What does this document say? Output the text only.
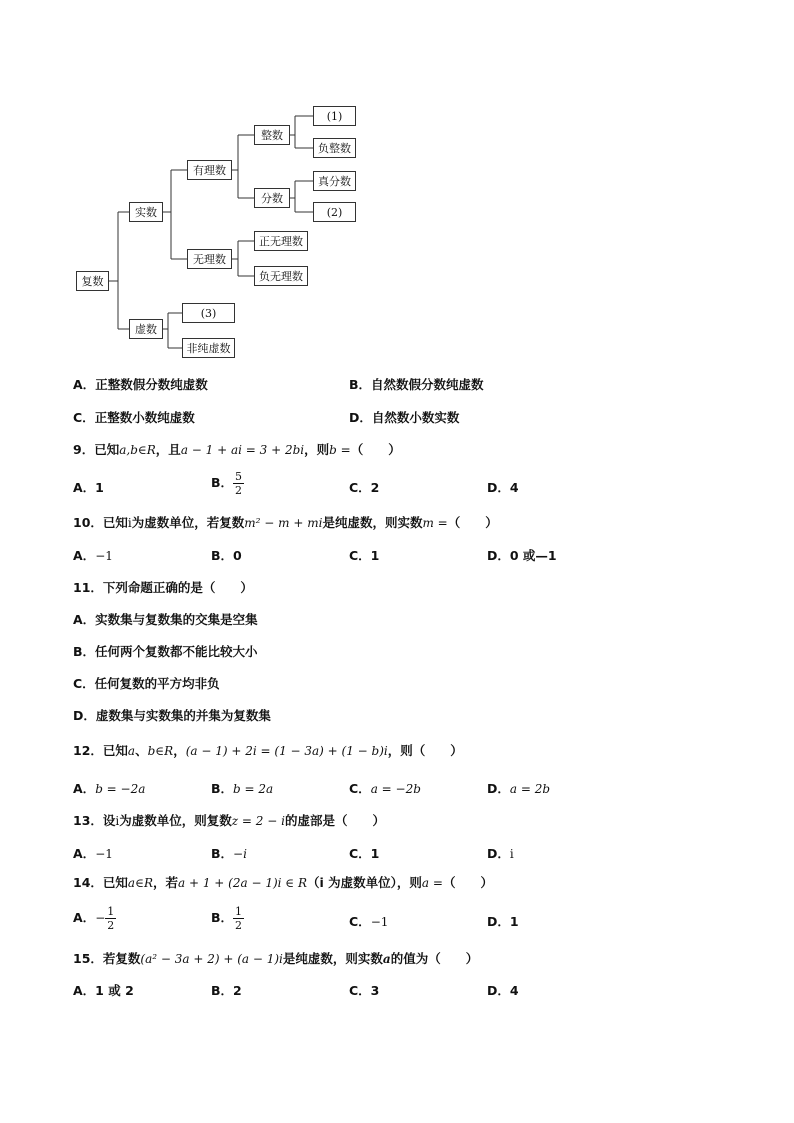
复数
实数
虚数
有理数
无理数
整数
分数
(1)
负整数
真分数
(2)
正无理数
负无理数
(3)
非纯虚数
A．正整数假分数纯虚数	B．自然数假分数纯虚数
C．正整数小数纯虚数	D．自然数小数实数
9．已知a,b∈R，且a − 1 + ai = 3 + 2bi，则b =（　　）
A．1	B． $\frac{5}{2}$	C．2	D．4
10．已知i为虚数单位，若复数m² − m + mi是纯虚数，则实数m =（　　）
A．−1	B．0	C．1	D．0 或—1
11．下列命题正确的是（　　）
A．实数集与复数集的交集是空集
B．任何两个复数都不能比较大小
C．任何复数的平方均非负
D．虚数集与实数集的并集为复数集
12．已知a、b∈R，(a − 1) + 2i = (1 − 3a) + (1 − b)i，则（　　）
A．b = −2a	B．b = 2a	C．a = −2b	D．a = 2b
13．设i为虚数单位，则复数z = 2 − i的虚部是（　　）
A．−1	B．−i	C．1	D．i
14．已知a∈R，若a + 1 + (2a − 1)i ∈ R（i 为虚数单位），则a =（　　）
A．− $\frac{1}{2}$	B． $\frac{1}{2}$	C．−1	D．1
15．若复数(a² − 3a + 2) + (a − 1)i是纯虚数，则实数a的值为（　　）
A．1 或 2	B．2	C．3	D．4
